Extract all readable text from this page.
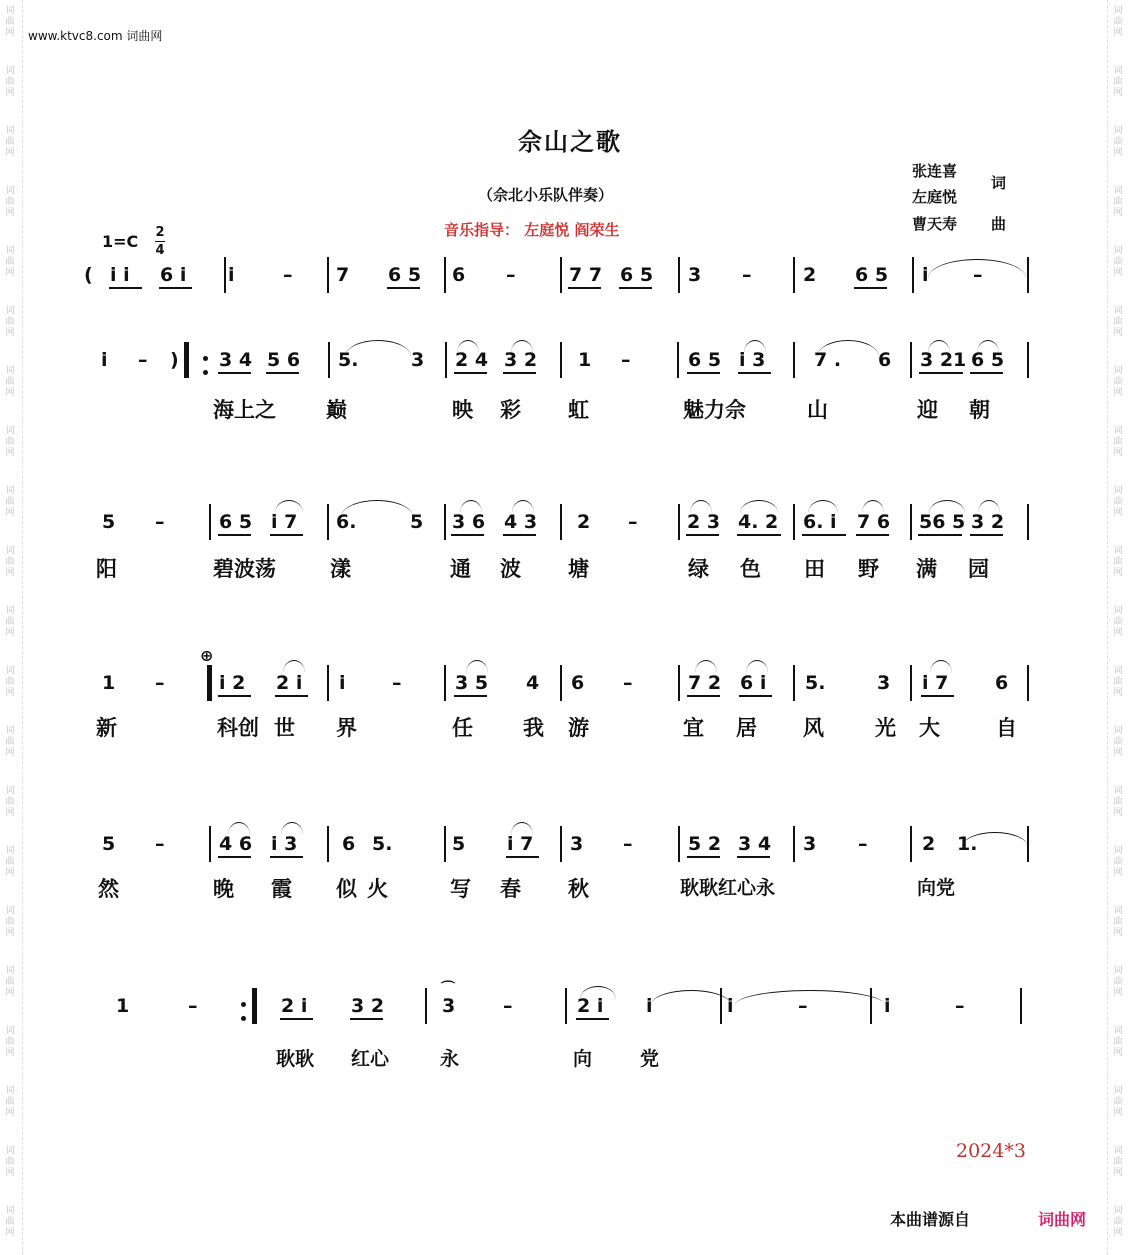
词曲网
词曲网
词曲网
词曲网
词曲网
词曲网
词曲网
词曲网
词曲网
词曲网
词曲网
词曲网
词曲网
词曲网
词曲网
词曲网
词曲网
词曲网
词曲网
词曲网
词曲网
词曲网
词曲网
词曲网
词曲网
词曲网
词曲网
词曲网
词曲网
词曲网
词曲网
词曲网
词曲网
词曲网
词曲网
词曲网
词曲网
词曲网
词曲网
词曲网
词曲网
词曲网
www.ktvc8.com 词曲网
佘山之歌
（佘北小乐队伴奏）
音乐指导： 左庭悦 阎荣生
张连喜
左庭悦
词
曹天寿 曲
1=C 2
4
( i i 6 i i	– 7 6 5 6 –	7 7 6 5 3 –	2 6 5 i –
i – ) 3 4 5 6 5.	3 2 4 3 2 1 –	6 5 i 3	7 . 6 3 21 6 5
海上之 巅	映 彩 虹	魅力佘	山	迎 朝
5 –	6 5 i 7 6.	5 3 6 4 3 2 –	2 3 4. 2 6. i 7 6 56 5 3 2
阳	碧波荡	漾	通 波 塘	绿 色 田 野 满 园
1 –	i 2 2 i i –	3 5 4 6 –	7 2 6 i 5.	3 i 7 6
新	科创 世 界	任 我 游	宜 居 风 光 大	自
5 –	4 6 i 3 6 5.	5 i 7 3 –	5 2 3 4 3 –	2 1.
然	晚 霞 似 火	写 春 秋	耿耿红心永	向党
1	–	2 i 3 2	3	–	2 i i	i	–	i	–
耿耿 红心	永	向	党
⊕
⌒
2024*3
本曲谱源自	词曲网
